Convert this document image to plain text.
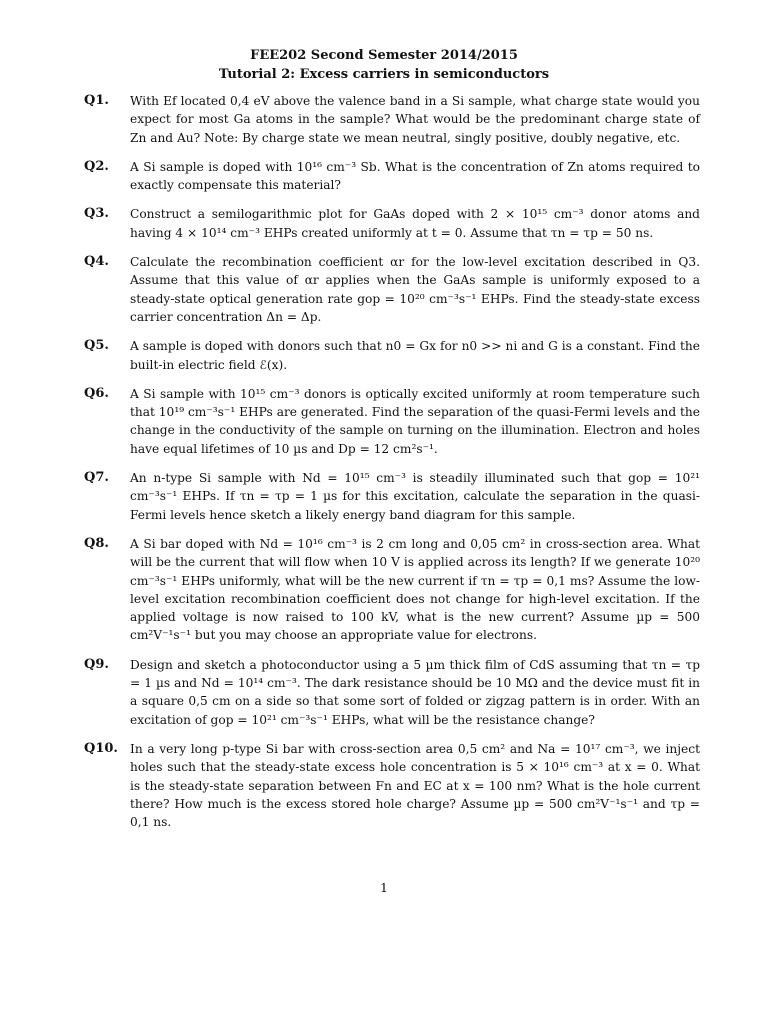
FEE202 Second Semester 2014/2015
Tutorial 2: Excess carriers in semiconductors
Q1. With Ef located 0,4 eV above the valence band in a Si sample, what charge state would you expect for most Ga atoms in the sample? What would be the predominant charge state of Zn and Au? Note: By charge state we mean neutral, singly positive, doubly negative, etc.
Q2. A Si sample is doped with 10¹⁶ cm⁻³ Sb. What is the concentration of Zn atoms required to exactly compensate this material?
Q3. Construct a semilogarithmic plot for GaAs doped with 2 × 10¹⁵ cm⁻³ donor atoms and having 4 × 10¹⁴ cm⁻³ EHPs created uniformly at t = 0. Assume that τn = τp = 50 ns.
Q4. Calculate the recombination coefficient αr for the low-level excitation described in Q3. Assume that this value of αr applies when the GaAs sample is uniformly exposed to a steady-state optical generation rate gop = 10²⁰ cm⁻³s⁻¹ EHPs. Find the steady-state excess carrier concentration Δn = Δp.
Q5. A sample is doped with donors such that n0 = Gx for n0 >> ni and G is a constant. Find the built-in electric field ℰ(x).
Q6. A Si sample with 10¹⁵ cm⁻³ donors is optically excited uniformly at room temperature such that 10¹⁹ cm⁻³s⁻¹ EHPs are generated. Find the separation of the quasi-Fermi levels and the change in the conductivity of the sample on turning on the illumination. Electron and holes have equal lifetimes of 10 µs and Dp = 12 cm²s⁻¹.
Q7. An n-type Si sample with Nd = 10¹⁵ cm⁻³ is steadily illuminated such that gop = 10²¹ cm⁻³s⁻¹ EHPs. If τn = τp = 1 µs for this excitation, calculate the separation in the quasi-Fermi levels hence sketch a likely energy band diagram for this sample.
Q8. A Si bar doped with Nd = 10¹⁶ cm⁻³ is 2 cm long and 0,05 cm² in cross-section area. What will be the current that will flow when 10 V is applied across its length? If we generate 10²⁰ cm⁻³s⁻¹ EHPs uniformly, what will be the new current if τn = τp = 0,1 ms? Assume the low-level excitation recombination coefficient does not change for high-level excitation. If the applied voltage is now raised to 100 kV, what is the new current? Assume µp = 500 cm²V⁻¹s⁻¹ but you may choose an appropriate value for electrons.
Q9. Design and sketch a photoconductor using a 5 µm thick film of CdS assuming that τn = τp = 1 µs and Nd = 10¹⁴ cm⁻³. The dark resistance should be 10 MΩ and the device must fit in a square 0,5 cm on a side so that some sort of folded or zigzag pattern is in order. With an excitation of gop = 10²¹ cm⁻³s⁻¹ EHPs, what will be the resistance change?
Q10. In a very long p-type Si bar with cross-section area 0,5 cm² and Na = 10¹⁷ cm⁻³, we inject holes such that the steady-state excess hole concentration is 5 × 10¹⁶ cm⁻³ at x = 0. What is the steady-state separation between Fn and EC at x = 100 nm? What is the hole current there? How much is the excess stored hole charge? Assume µp = 500 cm²V⁻¹s⁻¹ and τp = 0,1 ns.
1
